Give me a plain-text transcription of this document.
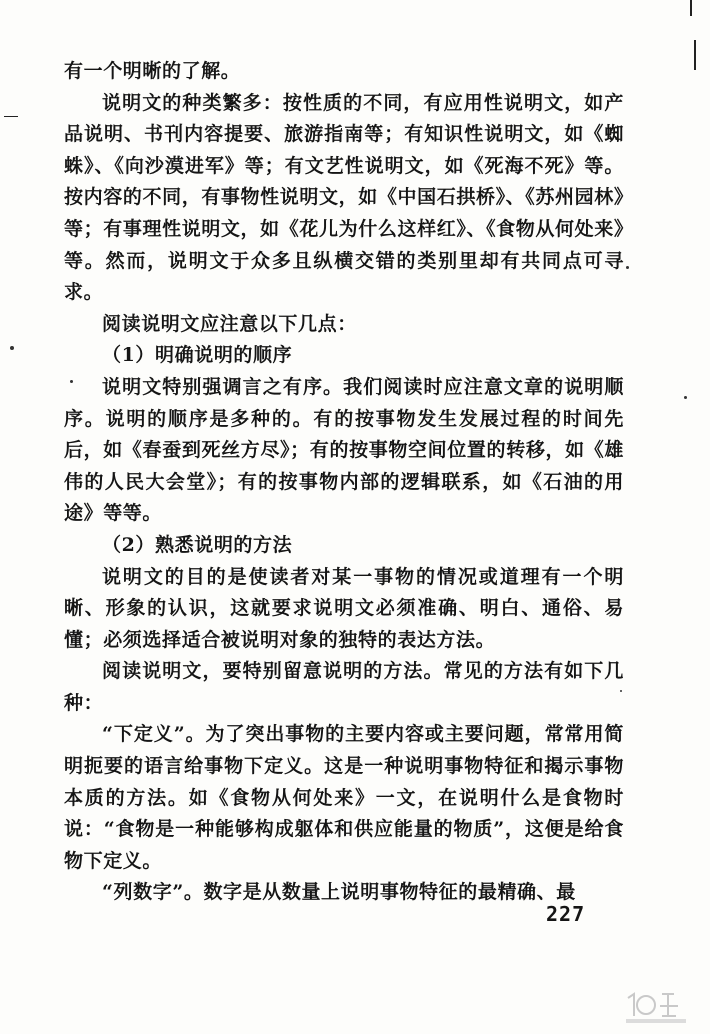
有一个明晰的了解。

说明文的种类繁多：按性质的不同，有应用性说明文，如产品说明、书刊内容提要、旅游指南等；有知识性说明文，如《蜘蛛》、《向沙漠进军》等；有文艺性说明文，如《死海不死》等。按内容的不同，有事物性说明文，如《中国石拱桥》、《苏州园林》等；有事理性说明文，如《花儿为什么这样红》、《食物从何处来》等。然而，说明文于众多且纵横交错的类别里却有共同点可寻求。

阅读说明文应注意以下几点：

（1）明确说明的顺序

说明文特别强调言之有序。我们阅读时应注意文章的说明顺序。说明的顺序是多种的。有的按事物发生发展过程的时间先后，如《春蚕到死丝方尽》；有的按事物空间位置的转移，如《雄伟的人民大会堂》；有的按事物内部的逻辑联系，如《石油的用途》等等。

（2）熟悉说明的方法

说明文的目的是使读者对某一事物的情况或道理有一个明晰、形象的认识，这就要求说明文必须准确、明白、通俗、易懂；必须选择适合被说明对象的独特的表达方法。

阅读说明文，要特别留意说明的方法。常见的方法有如下几种：

“下定义”。为了突出事物的主要内容或主要问题，常常用简明扼要的语言给事物下定义。这是一种说明事物特征和揭示事物本质的方法。如《食物从何处来》一文，在说明什么是食物时说：“食物是一种能够构成躯体和供应能量的物质”，这便是给食物下定义。

“列数字”。数字是从数量上说明事物特征的最精确、最

227
